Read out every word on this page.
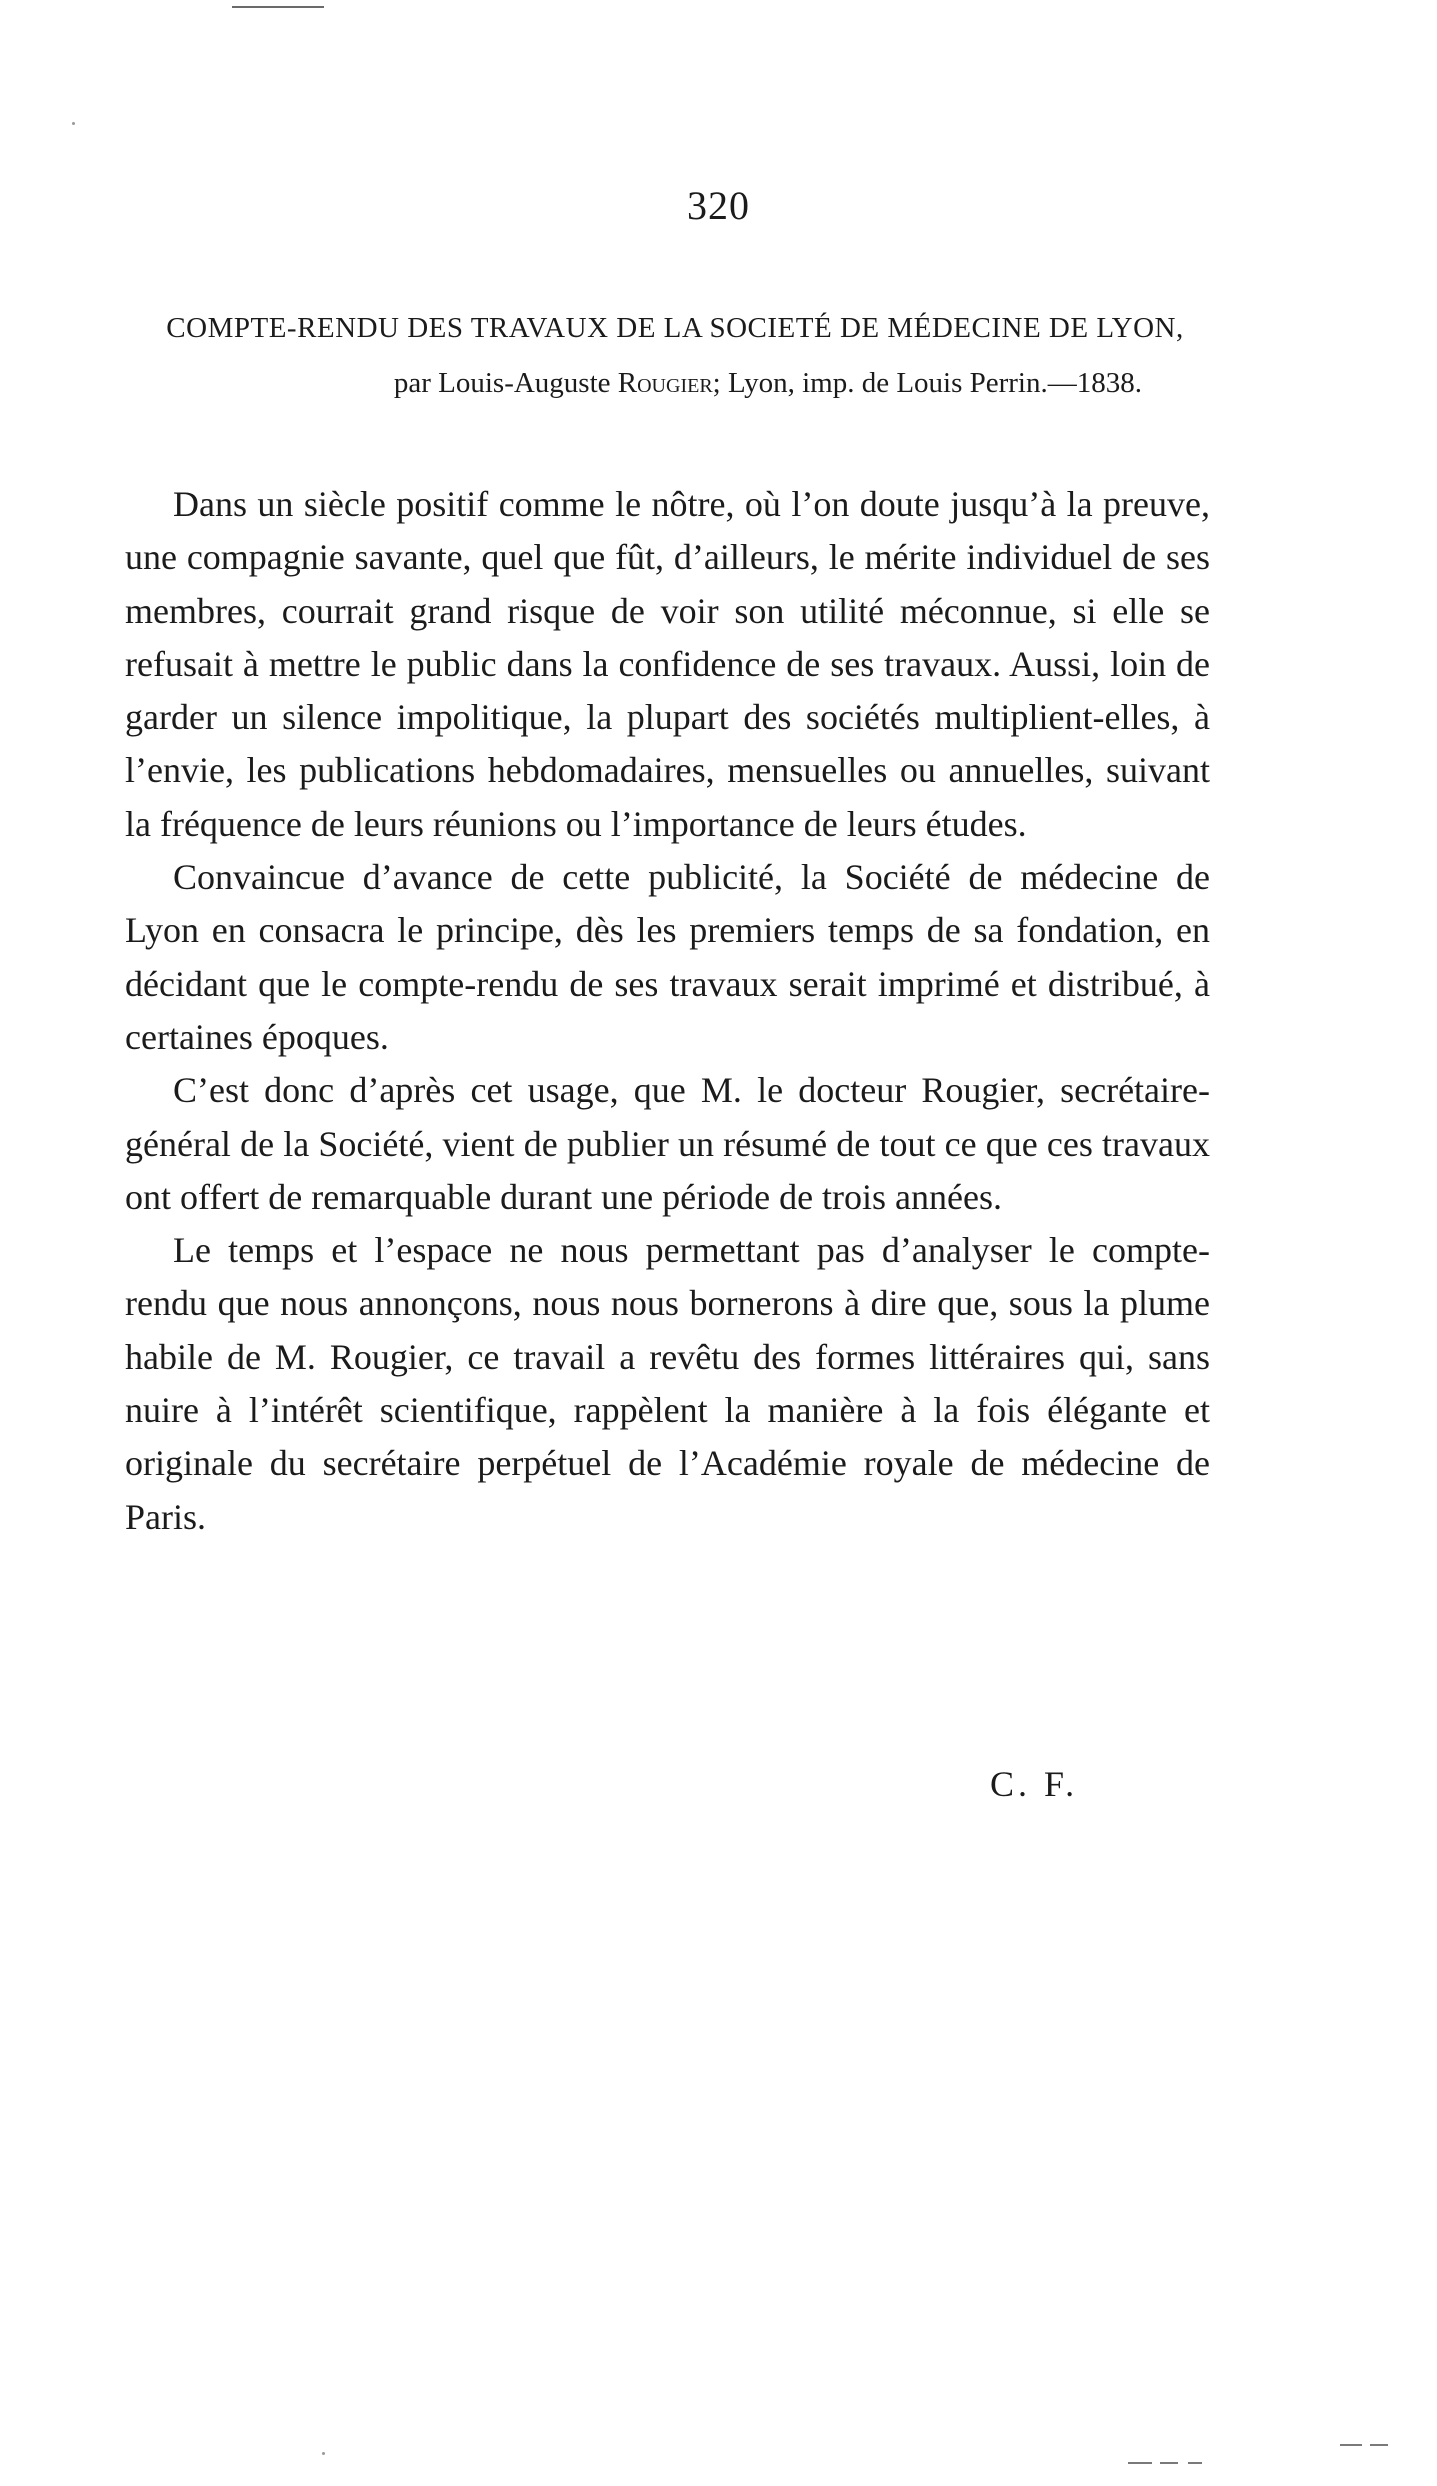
320
COMPTE-RENDU DES TRAVAUX DE LA SOCIETÉ DE MÉDECINE DE LYON,
par Louis-Auguste Rougier; Lyon, imp. de Louis Perrin.—1838.

Dans un siècle positif comme le nôtre, où l’on doute jusqu’à la preuve, une compagnie savante, quel que fût, d’ailleurs, le mérite individuel de ses membres, courrait grand risque de voir son utilité méconnue, si elle se refusait à mettre le public dans la confidence de ses travaux. Aussi, loin de garder un silence impolitique, la plupart des sociétés multiplient-elles, à l’envie, les publications hebdomadaires, mensuelles ou annuelles, suivant la fréquence de leurs réunions ou l’importance de leurs études.

Convaincue d’avance de cette publicité, la Société de médecine de Lyon en consacra le principe, dès les premiers temps de sa fondation, en décidant que le compte-rendu de ses travaux serait imprimé et distribué, à certaines époques.

C’est donc d’après cet usage, que M. le docteur Rougier, secrétaire-général de la Société, vient de publier un résumé de tout ce que ces travaux ont offert de remarquable durant une période de trois années.

Le temps et l’espace ne nous permettant pas d’analyser le compte-rendu que nous annonçons, nous nous bornerons à dire que, sous la plume habile de M. Rougier, ce travail a revêtu des formes littéraires qui, sans nuire à l’intérêt scientifique, rappèlent la manière à la fois élégante et originale du secrétaire perpétuel de l’Académie royale de médecine de Paris.

C. F.
